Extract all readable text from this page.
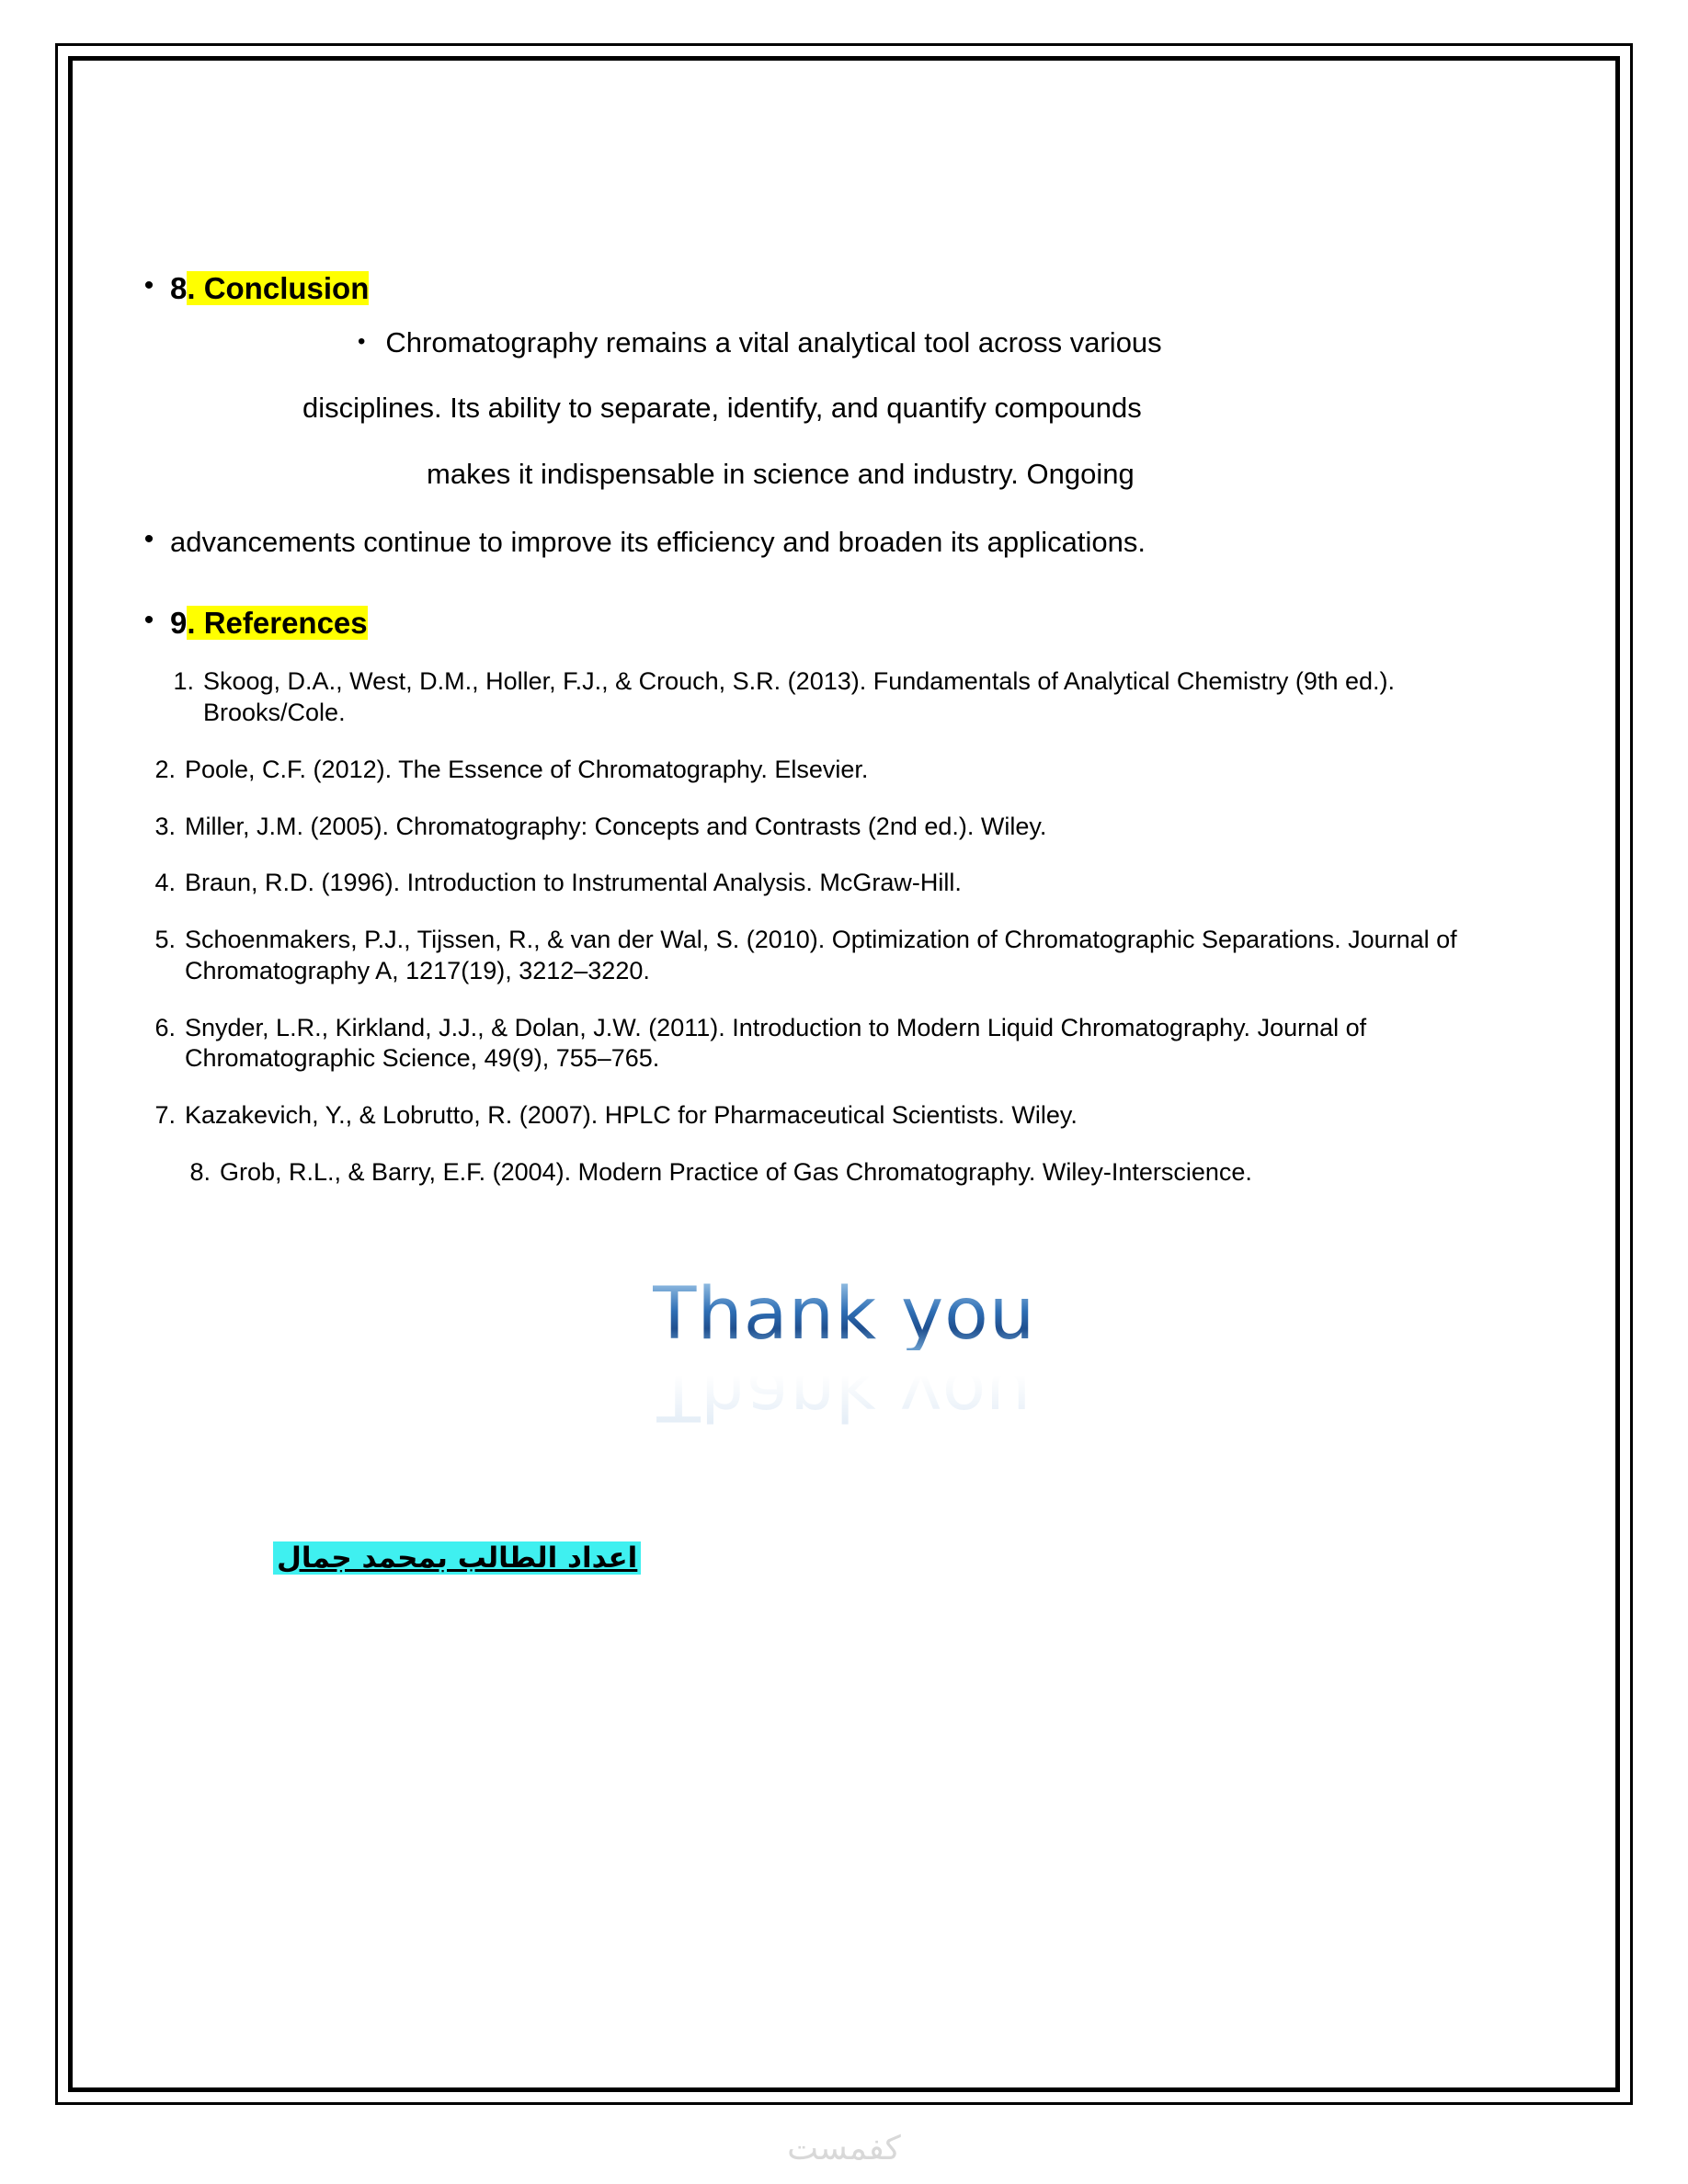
• 8. Conclusion
• Chromatography remains a vital analytical tool across various
disciplines. Its ability to separate, identify, and quantify compounds
makes it indispensable in science and industry. Ongoing
• advancements continue to improve its efficiency and broaden its applications.
• 9. References
1. Skoog, D.A., West, D.M., Holler, F.J., & Crouch, S.R. (2013). Fundamentals of Analytical Chemistry (9th ed.). Brooks/Cole.
2. Poole, C.F. (2012). The Essence of Chromatography. Elsevier.
3. Miller, J.M. (2005). Chromatography: Concepts and Contrasts (2nd ed.). Wiley.
4. Braun, R.D. (1996). Introduction to Instrumental Analysis. McGraw-Hill.
5. Schoenmakers, P.J., Tijssen, R., & van der Wal, S. (2010). Optimization of Chromatographic Separations. Journal of Chromatography A, 1217(19), 3212–3220.
6. Snyder, L.R., Kirkland, J.J., & Dolan, J.W. (2011). Introduction to Modern Liquid Chromatography. Journal of Chromatographic Science, 49(9), 755–765.
7. Kazakevich, Y., & Lobrutto, R. (2007). HPLC for Pharmaceutical Scientists. Wiley.
8. Grob, R.L., & Barry, E.F. (2004). Modern Practice of Gas Chromatography. Wiley-Interscience.
Thank you
Thank you
اعداد الطالب بمحمد جمال
كفمست
